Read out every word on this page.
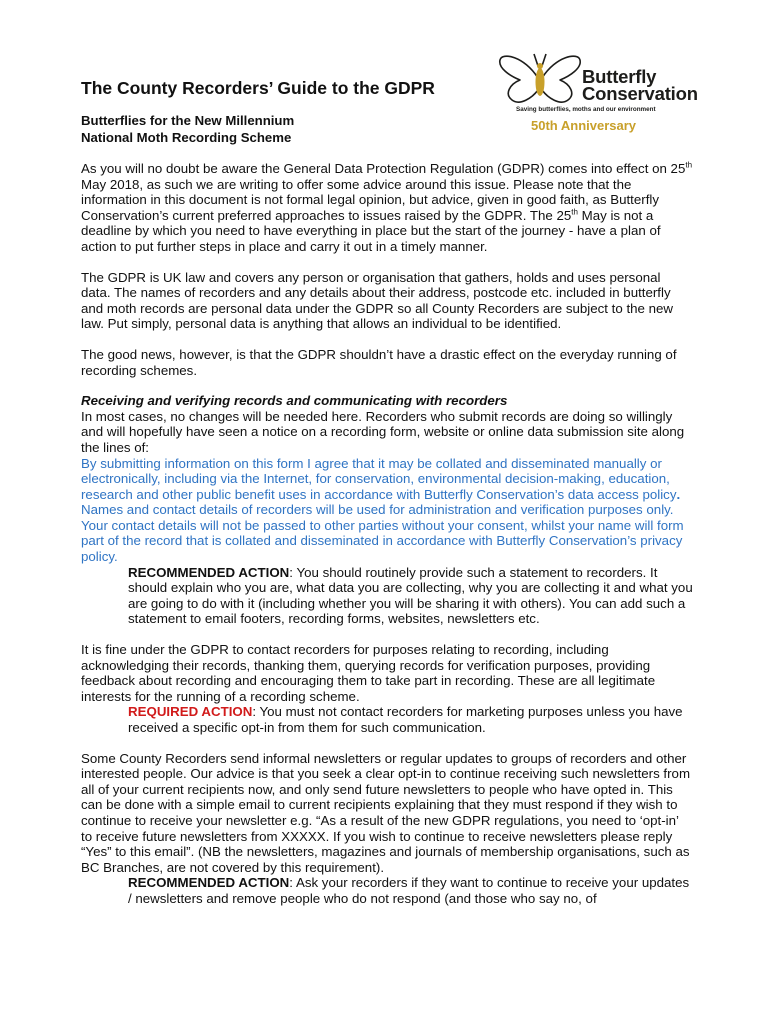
Butterfly
Conservation
Saving butterflies, moths and our environment
50th Anniversary
The County Recorders’ Guide to the GDPR
Butterflies for the New Millennium
National Moth Recording Scheme

As you will no doubt be aware the General Data Protection Regulation (GDPR) comes into effect on 25th May 2018, as such we are writing to offer some advice around this issue. Please note that the information in this document is not formal legal opinion, but advice, given in good faith, as Butterfly Conservation’s current preferred approaches to issues raised by the GDPR. The 25th May is not a deadline by which you need to have everything in place but the start of the journey - have a plan of action to put further steps in place and carry it out in a timely manner.

The GDPR is UK law and covers any person or organisation that gathers, holds and uses personal data. The names of recorders and any details about their address, postcode etc. included in butterfly and moth records are personal data under the GDPR so all County Recorders are subject to the new law. Put simply, personal data is anything that allows an individual to be identified.

The good news, however, is that the GDPR shouldn’t have a drastic effect on the everyday running of recording schemes.

Receiving and verifying records and communicating with recorders
In most cases, no changes will be needed here. Recorders who submit records are doing so willingly and will hopefully have seen a notice on a recording form, website or online data submission site along the lines of:
By submitting information on this form I agree that it may be collated and disseminated manually or electronically, including via the Internet, for conservation, environmental decision-making, education, research and other public benefit uses in accordance with Butterfly Conservation’s data access policy. Names and contact details of recorders will be used for administration and verification purposes only. Your contact details will not be passed to other parties without your consent, whilst your name will form part of the record that is collated and disseminated in accordance with Butterfly Conservation’s privacy policy.

RECOMMENDED ACTION: You should routinely provide such a statement to recorders. It should explain who you are, what data you are collecting, why you are collecting it and what you are going to do with it (including whether you will be sharing it with others). You can add such a statement to email footers, recording forms, websites, newsletters etc.

It is fine under the GDPR to contact recorders for purposes relating to recording, including acknowledging their records, thanking them, querying records for verification purposes, providing feedback about recording and encouraging them to take part in recording. These are all legitimate interests for the running of a recording scheme.

REQUIRED ACTION: You must not contact recorders for marketing purposes unless you have received a specific opt-in from them for such communication.

Some County Recorders send informal newsletters or regular updates to groups of recorders and other interested people. Our advice is that you seek a clear opt-in to continue receiving such newsletters from all of your current recipients now, and only send future newsletters to people who have opted in. This can be done with a simple email to current recipients explaining that they must respond if they wish to continue to receive your newsletter e.g. “As a result of the new GDPR regulations, you need to ‘opt-in’ to receive future newsletters from XXXXX. If you wish to continue to receive newsletters please reply “Yes” to this email”. (NB the newsletters, magazines and journals of membership organisations, such as BC Branches, are not covered by this requirement).

RECOMMENDED ACTION: Ask your recorders if they want to continue to receive your updates / newsletters and remove people who do not respond (and those who say no, of
